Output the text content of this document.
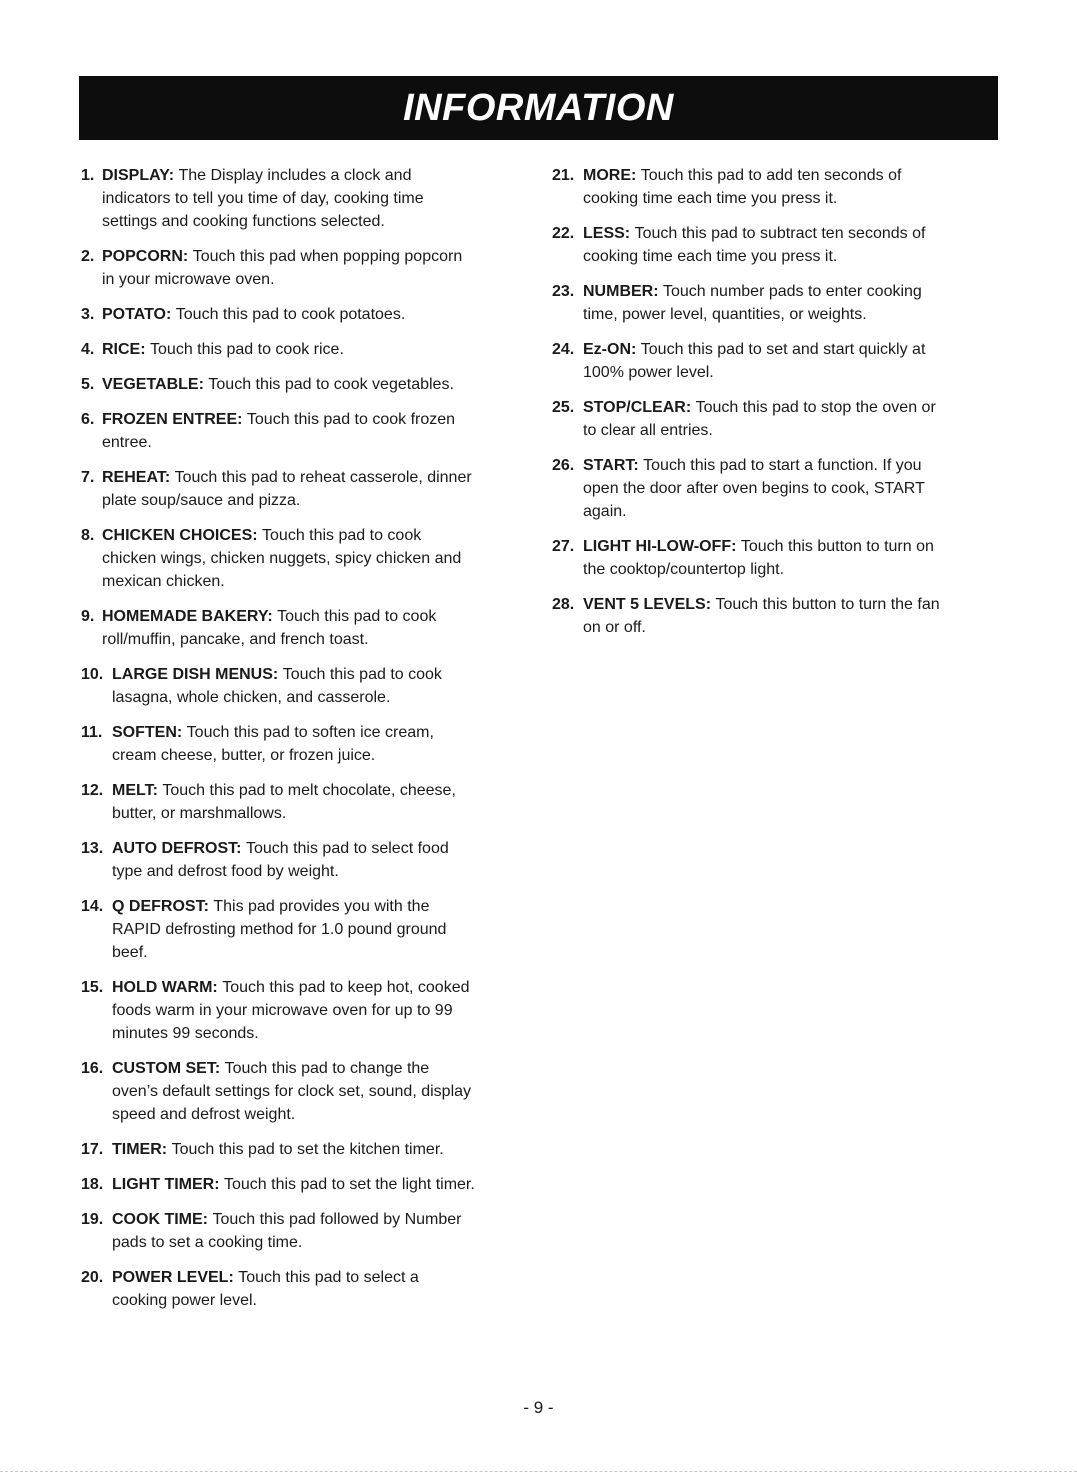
INFORMATION
1. DISPLAY:
The Display includes a clock and
indicators to tell you time of day, cooking time
settings and cooking functions selected.
2. POPCORN:
Touch this pad when popping popcorn
in your microwave oven.
3. POTATO:
Touch this pad to cook potatoes.
4. RICE:
Touch this pad to cook rice.
5. VEGETABLE:
Touch this pad to cook vegetables.
6. FROZEN ENTREE:
Touch this pad to cook frozen
entree.
7. REHEAT:
Touch this pad to reheat casserole, dinner
plate soup/sauce and pizza.
8. CHICKEN CHOICES:
Touch this pad to cook
chicken wings, chicken nuggets, spicy chicken and
mexican chicken.
9. HOMEMADE BAKERY:
Touch this pad to cook
roll/muffin, pancake, and french toast.
10. LARGE DISH MENUS:
Touch this pad to cook
lasagna, whole chicken, and casserole.
11. SOFTEN:
Touch this pad to soften ice cream,
cream cheese, butter, or frozen juice.
12. MELT:
Touch this pad to melt chocolate, cheese,
butter, or marshmallows.
13. AUTO DEFROST:
Touch this pad to select food
type and defrost food by weight.
14. Q DEFROST:
This pad provides you with the
RAPID defrosting method for 1.0 pound ground
beef.
15. HOLD WARM:
Touch this pad to keep hot, cooked
foods warm in your microwave oven for up to 99
minutes 99 seconds.
16. CUSTOM SET:
Touch this pad to change the
oven’s default settings for clock set, sound, display
speed and defrost weight.
17. TIMER:
Touch this pad to set the kitchen timer.
18. LIGHT TIMER:
Touch this pad to set the light timer.
19. COOK TIME:
Touch this pad followed by Number
pads to set a cooking time.
20. POWER LEVEL:
Touch this pad to select a
cooking power level.
21. MORE:
Touch this pad to add ten seconds of
cooking time each time you press it.
22. LESS:
Touch this pad to subtract ten seconds of
cooking time each time you press it.
23. NUMBER:
Touch number pads to enter cooking
time, power level, quantities, or weights.
24. Ez-ON:
Touch this pad to set and start quickly at
100% power level.
25. STOP/CLEAR:
Touch this pad to stop the oven or
to clear all entries.
26. START:
Touch this pad to start a function. If you
open the door after oven begins to cook, START
again.
27. LIGHT HI-LOW-OFF:
Touch this button to turn on
the cooktop/countertop light.
28. VENT 5 LEVELS:
Touch this button to turn the fan
on or off.
- 9 -
